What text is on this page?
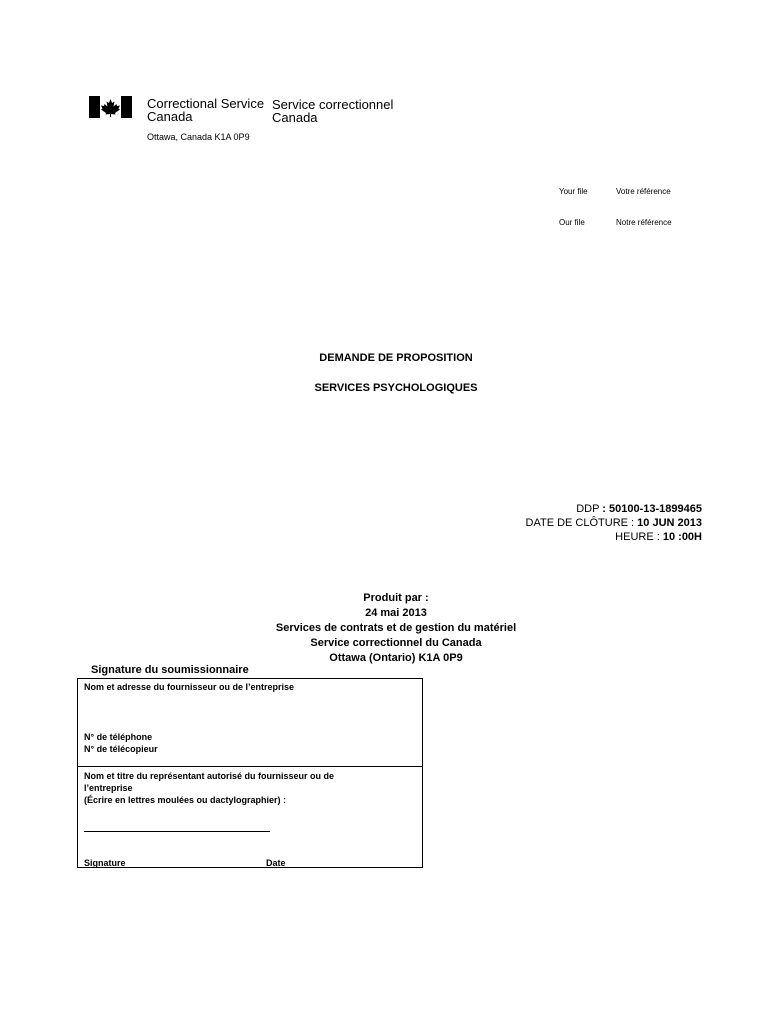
Correctional Service
Canada
Service correctionnel
Canada
Ottawa, Canada K1A 0P9
Your file	Votre référence
Our file	Notre référence
DEMANDE DE PROPOSITION
SERVICES PSYCHOLOGIQUES
DDP : 50100-13-1899465
DATE DE CLÔTURE : 10 JUN 2013
HEURE : 10 :00H
Produit par :
24 mai 2013
Services de contrats et de gestion du matériel
Service correctionnel du Canada
Ottawa (Ontario) K1A 0P9
Signature du soumissionnaire
Nom et adresse du fournisseur ou de l’entreprise
N° de téléphone
N° de télécopieur
Nom et titre du représentant autorisé du fournisseur ou de
l’entreprise
(Écrire en lettres moulées ou dactylographier) :
Signature	Date
